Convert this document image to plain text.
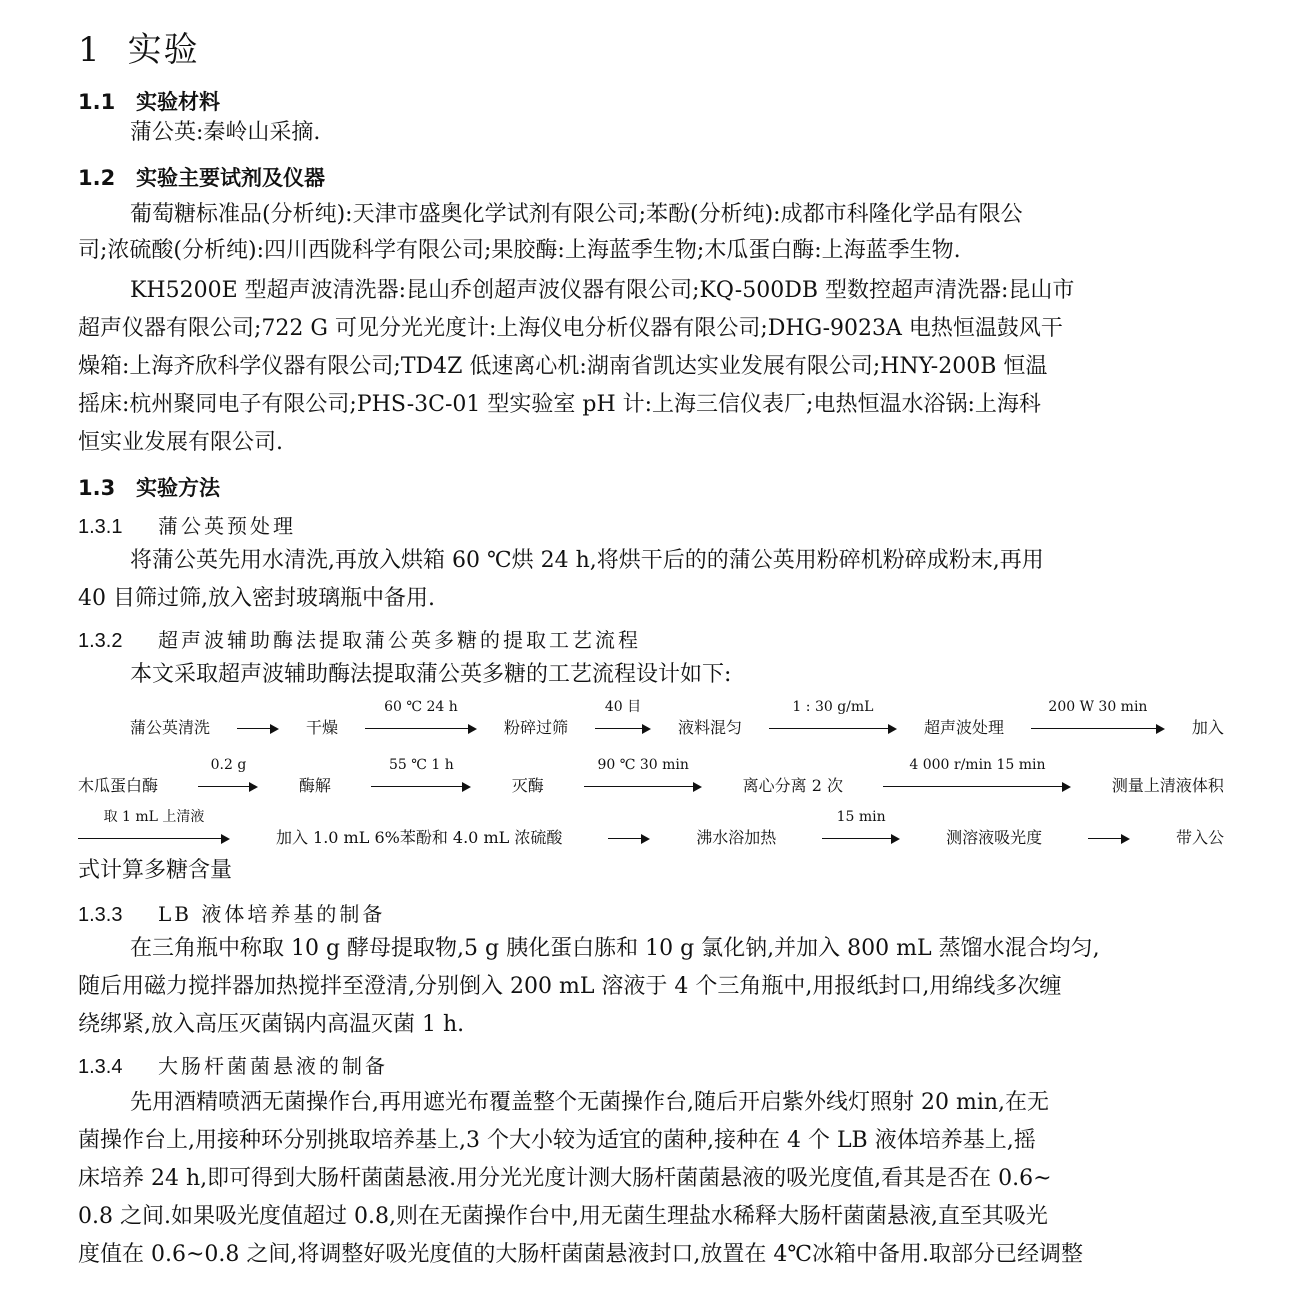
1 实验
1.1 实验材料
蒲公英:秦岭山采摘.
1.2 实验主要试剂及仪器
葡萄糖标准品(分析纯):天津市盛奥化学试剂有限公司;苯酚(分析纯):成都市科隆化学品有限公
司;浓硫酸(分析纯):四川西陇科学有限公司;果胶酶:上海蓝季生物;木瓜蛋白酶:上海蓝季生物.
KH5200E 型超声波清洗器:昆山乔创超声波仪器有限公司;KQ-500DB 型数控超声清洗器:昆山市
超声仪器有限公司;722 G 可见分光光度计:上海仪电分析仪器有限公司;DHG-9023A 电热恒温鼓风干
燥箱:上海齐欣科学仪器有限公司;TD4Z 低速离心机:湖南省凯达实业发展有限公司;HNY-200B 恒温
摇床:杭州聚同电子有限公司;PHS-3C-01 型实验室 pH 计:上海三信仪表厂;电热恒温水浴锅:上海科
恒实业发展有限公司.
1.3 实验方法
1.3.1 蒲公英预处理
将蒲公英先用水清洗,再放入烘箱 60 ℃烘 24 h,将烘干后的的蒲公英用粉碎机粉碎成粉末,再用
40 目筛过筛,放入密封玻璃瓶中备用.
1.3.2 超声波辅助酶法提取蒲公英多糖的提取工艺流程
本文采取超声波辅助酶法提取蒲公英多糖的工艺流程设计如下:
蒲公英清洗	干燥
60 ℃ 24 h
粉碎过筛
40 目
液料混匀
1 : 30 g/mL
超声波处理
200 W 30 min
加入
木瓜蛋白酶
0.2 g
酶解
55 ℃ 1 h
灭酶
90 ℃ 30 min
离心分离 2 次
4 000 r/min 15 min
测量上清液体积
取 1 mL 上清液
加入 1.0 mL 6%苯酚和 4.0 mL 浓硫酸	沸水浴加热
15 min
测溶液吸光度	带入公
式计算多糖含量
1.3.3 LB 液体培养基的制备
在三角瓶中称取 10 g 酵母提取物,5 g 胰化蛋白胨和 10 g 氯化钠,并加入 800 mL 蒸馏水混合均匀,
随后用磁力搅拌器加热搅拌至澄清,分别倒入 200 mL 溶液于 4 个三角瓶中,用报纸封口,用绵线多次缠
绕绑紧,放入高压灭菌锅内高温灭菌 1 h.
1.3.4 大肠杆菌菌悬液的制备
先用酒精喷洒无菌操作台,再用遮光布覆盖整个无菌操作台,随后开启紫外线灯照射 20 min,在无
菌操作台上,用接种环分别挑取培养基上,3 个大小较为适宜的菌种,接种在 4 个 LB 液体培养基上,摇
床培养 24 h,即可得到大肠杆菌菌悬液.用分光光度计测大肠杆菌菌悬液的吸光度值,看其是否在 0.6~
0.8 之间.如果吸光度值超过 0.8,则在无菌操作台中,用无菌生理盐水稀释大肠杆菌菌悬液,直至其吸光
度值在 0.6~0.8 之间,将调整好吸光度值的大肠杆菌菌悬液封口,放置在 4℃冰箱中备用.取部分已经调整
